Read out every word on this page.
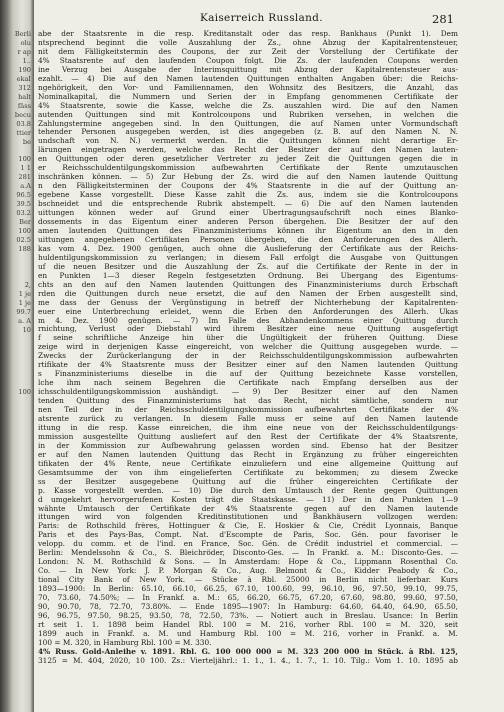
Berli
olu
r ap
1..
190
ekaI
312
halt
fäss
becu
03.8
ttier
be
100
1 1
281
a.A
96.5
39.5
03.2
Ber
100
02.5
188
2,
1 je
1 je
99.7
a. A
10
100
Kaiserreich Russland.	281
abe der Staatsrente in die resp. Kreditanstalt oder das resp. Bankhaus (Punkt 1). Dem
ntsprechend beginnt die volle Auszahlung der Zs., ohne Abzug der Kapitalrentensteuer,
nit dem Fälligkeitstermin des Coupons, der zur Zeit der Vorstellung der Certifikate der
4% Staatsrente auf den laufenden Coupon folgt. Die Zs. der laufenden Coupons werden
ine Verzug bei Ausgabe der Interimsquittung mit Abzug der Kapitalrentensteuer aus-
ezahlt. — 4) Die auf den Namen lautenden Quittungen enthalten Angaben über: die Reichs-
ngehörigkeit, den Vor- und Familiennamen, den Wohnsitz des Besitzers, die Anzahl, das
Nominalkapital, die Nummern und Serien der in Empfang genommenen Certifikate der
4% Staatsrente, sowie die Kasse, welche die Zs. auszahlen wird. Die auf den Namen
autenden Quittungen sind mit Kontrolcoupons und Rubriken versehen, in welchen die
Zahlungstermine angegeben sind. In den Quittungen, die auf Namen unter Vormundschaft
tehender Personen ausgegeben werden, ist dies angegeben (z. B. auf den Namen N. N.
undschaft von N. N.) vermerkt werden. In die Quittungen können nicht derartige Er-
lärungen eingetragen werden, welche das Recht der Besitzer der auf den Namen lauten-
en Quittungen oder deren gesetzlicher Vertreter zu jeder Zeit die Quittungen gegen die in
er Reichsschuldentilgungskommission aufbewahrten Certifikate der Rente umzutauschen
inschränken können. — 5) Zur Hebung der Zs. wird die auf den Namen lautende Quittung
n den Fälligkeitsterminen der Coupons der 4% Staatsrente in die auf der Quittung an-
egebene Kasse vorgestellt. Diese Kasse zahlt die Zs. aus, indem sie die Kontrolcoupons
bschneidet und die entsprechende Rubrik abstempelt. — 6) Die auf den Namen lautenden
uittungen können weder auf Grund einer Übertragungsaufschrift noch eines Blanko-
dossements in das Eigentum einer anderen Person übergehen. Die Besitzer der auf den
amen lautenden Quittungen des Finanzministeriums können ihr Eigentum an den in den
uittungen angegebenen Certifikaten Personen übergeben, die den Anforderungen des Allerh.
kas vom 4. Dez. 1900 genügen, auch ohne die Auslieferung der Certifikate aus der Reichs-
huldentilgungskommission zu verlangen; in diesem Fall erfolgt die Ausgabe von Quittungen
uf die neuen Besitzer und die Auszahlung der Zs. auf die Certifikate der Rente in der in
en Punkten 1—3 dieser Regeln festgesetzten Ordnung. Bei Übergang des Eigentums-
chts an den auf den Namen lautenden Quittungen des Finanzministeriums durch Erbschaft
rden die Quittungen durch neue ersetzt, die auf den Namen der Erben ausgestellt sind,
me dass der Genuss der Vergünstigung in betreff der Nichterhebung der Kapitalrenten-
euer eine Unterbrechung erleidet, wenn die Erben den Anforderungen des Allerh. Ukas
m 4. Dez. 1900 genügen. — 7) Im Falle des Abhandenkommens einer Quittung durch
rnichtung, Verlust oder Diebstahl wird ihrem Besitzer eine neue Quittung ausgefertigt
f seine schriftliche Anzeige hin über die Ungültigkeit der früheren Quittung. Diese
zeige wird in derjenigen Kasse eingereicht, von welcher die Quittung ausgegeben wurde. —
Zwecks der Zurückerlangung der in der Reichsschuldentilgungskommission aufbewahrten
rtifikate der 4% Staatsrente muss der Besitzer einer auf den Namen lautenden Quittung
s Finanzministeriums dieselbe in die auf der Quittung bezeichnete Kasse vorstellen,
lche ihm nach seinem Begehren die Certifikate nach Empfang derselben aus der
ichsschuldentilgungskommission aushändigt. — 9) Der Besitzer einer auf den Namen
tenden Quittung des Finanzministeriums hat das Recht, nicht sämtliche, sondern nur
nen Teil der in der Reichsschuldentilgungskommission aufbewahrten Certifikate der 4%
atsrente zurück zu verlangen. In diesem Falle muss er seine auf den Namen lautende
ittung in die resp. Kasse einreichen, die ihm eine neue von der Reichsschuldentilgungs-
mmission ausgestellte Quittung ausliefert auf den Rest der Certifikate der 4% Staatsrente,
in der Kommission zur Aufbewahrung gelassen worden sind. Ebenso hat der Besitzer
er auf den Namen lautenden Quittung das Recht in Ergänzung zu früher eingereichten
tifikaten der 4% Rente, neue Certifikate einzuliefern und eine allgemeine Quittung auf
Gesamtsumme der von ihm eingelieferten Certifikate zu bekommen; zu diesem Zwecke
ss der Besitzer ausgegebene Quittung auf die früher eingereichten Certifikate der
p. Kasse vorgestellt werden. — 10) Die durch den Umtausch der Rente gegen Quittungen
d umgekehrt hervorgerufenen Kosten trägt die Staatskasse. — 11) Der in den Punkten 1—9
wähnte Umtausch der Certifikate der 4% Staatsrente gegen auf den Namen lautende
ittungen wird von folgenden Kreditinstitutionen und Bankhäusern vollzogen werden:
Paris: de Rothschild frères, Hottinguer & Cie, E. Hoskier & Cie, Crédit Lyonnais, Banque
Paris et des Pays-Bas, Compt. Nat. d'Escompte de Paris, Soc. Gén. pour favoriser le
velopp. du comm. et de l'ind. en France, Soc. Gén. de Crédit industriel et commercial. —
Berlin: Mendelssohn & Co., S. Bleichröder, Disconto-Ges. — In Frankf. a. M.: Disconto-Ges. —
London: N. M. Rothschild & Sons. — In Amsterdam: Hope & Co., Lippmann Rosenthal Co.
Co. — In New York: J. P. Morgan & Co., Aug. Belmont & Co., Kidder Peabody & Co.,
tional City Bank of New York. — Stücke à Rbl. 25000 in Berlin nicht lieferbar. Kurs
1893—1900: In Berlin: 65.10, 66.10, 66.25, 67.10, 100.60, 99, 96.10, 96, 97.50, 99.10, 99.75,
70, 73.60, 74.50%; — In Frankf. a. M.: 65, 66.20, 66.75, 67.20, 67.60, 98.80, 99.60, 97.50,
90, 90.70, 78, 72.70, 73.80%. — Ende 1895—1907: In Hamburg: 64.60, 64.40, 64.90, 65.50,
96, 96.75, 97.50, 98.25, 93.50, 78, 72.50, 73%. — Notiert auch in Breslau. Usance: In Berlin
rt seit 1. 1. 1898 beim Handel Rbl. 100 = M. 216, vorher Rbl. 100 = M. 320, seit
1899 auch in Frankf. a. M. und Hamburg Rbl. 100 = M. 216, vorher in Frankf. a. M.
100 = M. 320, in Hamburg Rbl. 100 = M. 330.
4% Russ. Gold-Anleihe v. 1891. Rbl. G. 100 000 000 = M. 323 200 000 in Stück. à Rbl. 125,
3125 = M. 404, 2020, 10 100. Zs.: Vierteljährl.: 1. 1., 1. 4., 1. 7., 1. 10. Tilg.: Vom 1. 10. 1895 ab
